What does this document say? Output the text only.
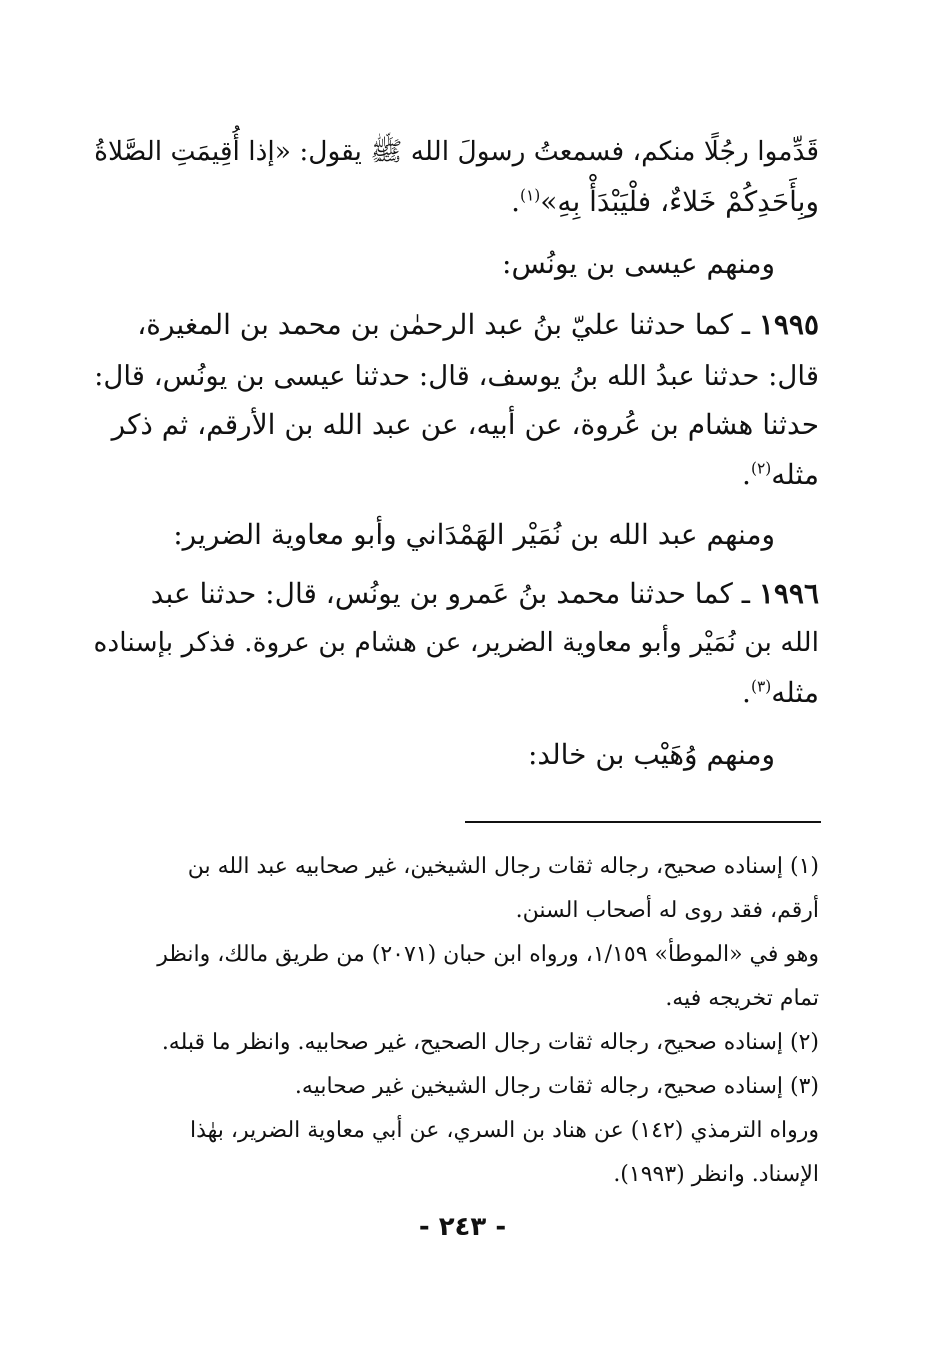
قَدِّموا رجُلًا منكم، فسمعتُ رسولَ الله ﷺ يقول: «إذا أُقِيمَتِ الصَّلاةُ
وبِأَحَدِكُمْ خَلاءٌ، فلْيَبْدَأْ بِهِ»$^{(١)}$.
ومنهم عيسى بن يونُس:
١٩٩٥ ـ كما حدثنا عليّ بنُ عبد الرحمٰن بن محمد بن المغيرة،
قال: حدثنا عبدُ الله بنُ يوسف، قال: حدثنا عيسى بن يونُس، قال:
حدثنا هشام بن عُروة، عن أبيه، عن عبد الله بن الأرقم، ثم ذكر
مثله$^{(٢)}$.
ومنهم عبد الله بن نُمَيْر الهَمْدَاني وأبو معاوية الضرير:
١٩٩٦ ـ كما حدثنا محمد بنُ عَمرو بن يونُس، قال: حدثنا عبد
الله بن نُمَيْر وأبو معاوية الضرير، عن هشام بن عروة. فذكر بإسناده
مثله$^{(٣)}$.
ومنهم وُهَيْب بن خالد:
(١) إسناده صحيح، رجاله ثقات رجال الشيخين، غير صحابيه عبد الله بن
أرقم، فقد روى له أصحاب السنن.
وهو في «الموطأ» ١/١٥٩، ورواه ابن حبان (٢٠٧١) من طريق مالك، وانظر
تمام تخريجه فيه.
(٢) إسناده صحيح، رجاله ثقات رجال الصحيح، غير صحابيه. وانظر ما قبله.
(٣) إسناده صحيح، رجاله ثقات رجال الشيخين غير صحابيه.
ورواه الترمذي (١٤٢) عن هناد بن السري، عن أبي معاوية الضرير، بهٰذا
الإسناد. وانظر (١٩٩٣).
- ٢٤٣ -
